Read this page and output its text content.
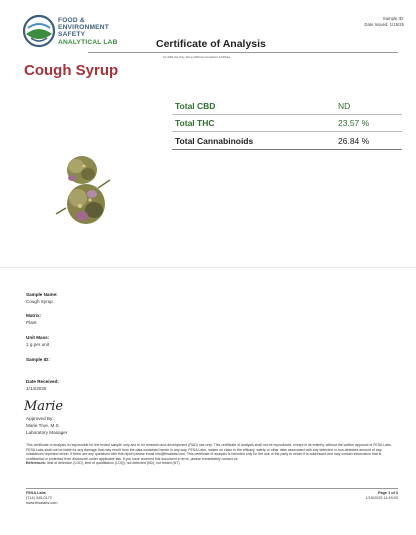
FOOD &
ENVIRONMENT
SAFETY
ANALYTICAL LAB
Sample ID:
Date Issued: 1/15/25
Certificate of Analysis
For R&D Use Only. Not a California Compliance Certificate
Cough Syrup
Total CBD	ND
Total THC	23.57 %
Total Cannabinoids	26.84 %
Sample Name:
Cough Syrup
Matrix:
Plant
Unit Mass:
1 g per unit
Sample ID:
Date Received:
1/14/2025
Marie
Approved By:
Marie True, M.S.
Laboratory Manager
This certificate of analysis is responsible for the tested sample only and is for research and development (R&D) use only. This certificate of analysis shall not be reproduced, except in its entirety, without the written approval of FESA Labs. FESA Labs shall not be liable for any damage that may result from the data contained herein in any way. FESA Labs, makes no claim to the efficacy, safety or other risks associated with any detected or non-detected amount of any substances reported herein. If there are any questions with this report please email info@fesalabs.com. This certificate of analysis is intended only for the use of the party to whom it is addressed and may contain information that is confidential or protected from disclosure under applicable law. If you have received this document in error, please immediately contact us.
References: limit of detection (LOD), limit of quantitation (LOQ), not detected (ND), not tested (NT)
FESA Labs
(714) 340-0172
www.fesalabs.com
Page 1 of 3
1/15/2025 11:49:03
